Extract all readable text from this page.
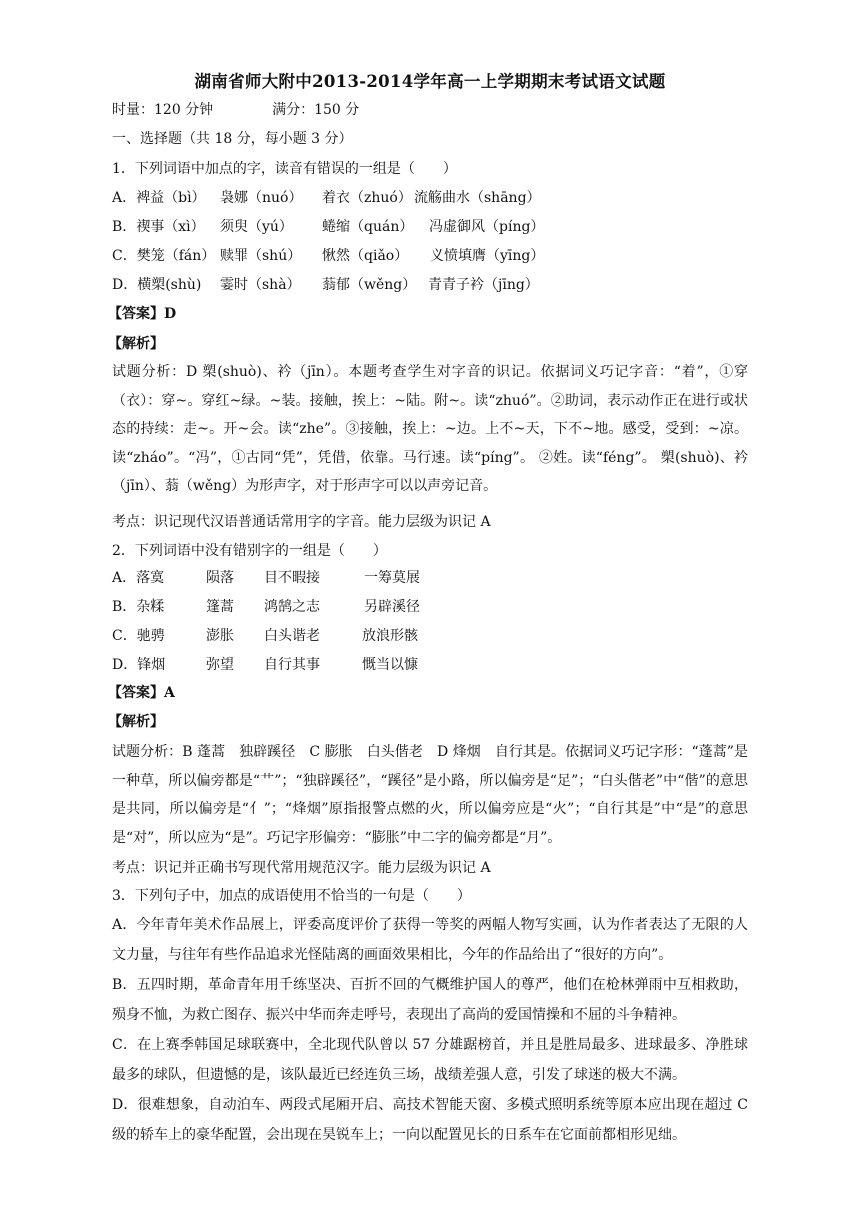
湖南省师大附中2013-2014学年高一上学期期末考试语文试题
时量：120 分钟	满分：150 分
一、选择题（共 18 分，每小题 3 分）
1．下列词语中加点的字，读音有错误的一组是（　　）
A．裨益（bì） 袅娜（nuó） 着衣（zhuó） 流觞曲水（shāng）
B．禊事（xì） 须臾（yú） 蜷缩（quán） 冯虚御风（píng）
C．樊笼（fán） 赎罪（shú） 愀然（qiǎo） 义愤填膺（yīng）
D．横槊(shù) 霎时（shà） 蓊郁（wěng） 青青子衿（jīng）
【答案】D
【解析】
试题分析：D 槊(shuò)、衿（jīn）。本题考查学生对字音的识记。依据词义巧记字音：“着”，①穿（衣）：穿~。穿红~绿。~装。接触，挨上：~陆。附~。读“zhuó”。②助词，表示动作正在进行或状态的持续：走~。开~会。读“zhe”。③接触，挨上：~边。上不~天，下不~地。感受，受到：~凉。读“zháo”。“冯”，①古同“凭”，凭借，依靠。马行速。读“píng”。 ②姓。读“féng”。 槊(shuò)、衿（jīn）、蓊（wěng）为形声字，对于形声字可以以声旁记音。
考点：识记现代汉语普通话常用字的字音。能力层级为识记 A
2．下列词语中没有错别字的一组是（　　）
A．落寞	陨落 目不暇接	一筹莫展
B．杂糅	篷蒿 鸿鹄之志	另辟溪径
C．驰骋	澎胀 白头谐老	放浪形骸
D．锋烟	弥望 自行其事	慨当以慷
【答案】A
【解析】
试题分析：B 蓬蒿　独辟蹊径　C 膨胀　白头偕老　D 烽烟　自行其是。依据词义巧记字形：“蓬蒿”是一种草，所以偏旁都是“艹”；“独辟蹊径”，“蹊径”是小路，所以偏旁是“足”；“白头偕老”中“偕”的意思是共同，所以偏旁是“亻”；“烽烟”原指报警点燃的火，所以偏旁应是“火”；“自行其是”中“是”的意思是“对”，所以应为“是”。巧记字形偏旁：“膨胀”中二字的偏旁都是“月”。
考点：识记并正确书写现代常用规范汉字。能力层级为识记 A
3．下列句子中，加点的成语使用不恰当的一句是（　　）
A．今年青年美术作品展上，评委高度评价了获得一等奖的两幅人物写实画，认为作者表达了无限的人文力量，与往年有些作品追求光怪陆离的画面效果相比，今年的作品给出了“很好的方向”。
B．五四时期，革命青年用千练坚决、百折不回的气概维护国人的尊严，他们在枪林弹雨中互相救助，殒身不恤，为救亡图存、振兴中华而奔走呼号，表现出了高尚的爱国情操和不屈的斗争精神。
C．在上赛季韩国足球联赛中，全北现代队曾以 57 分雄踞榜首，并且是胜局最多、进球最多、净胜球最多的球队，但遗憾的是，该队最近已经连负三场，战绩差强人意，引发了球迷的极大不满。
D．很难想象，自动泊车、两段式尾厢开启、高技术智能天窗、多模式照明系统等原本应出现在超过 C 级的轿车上的豪华配置，会出现在昊锐车上；一向以配置见长的日系车在它面前都相形见绌。
